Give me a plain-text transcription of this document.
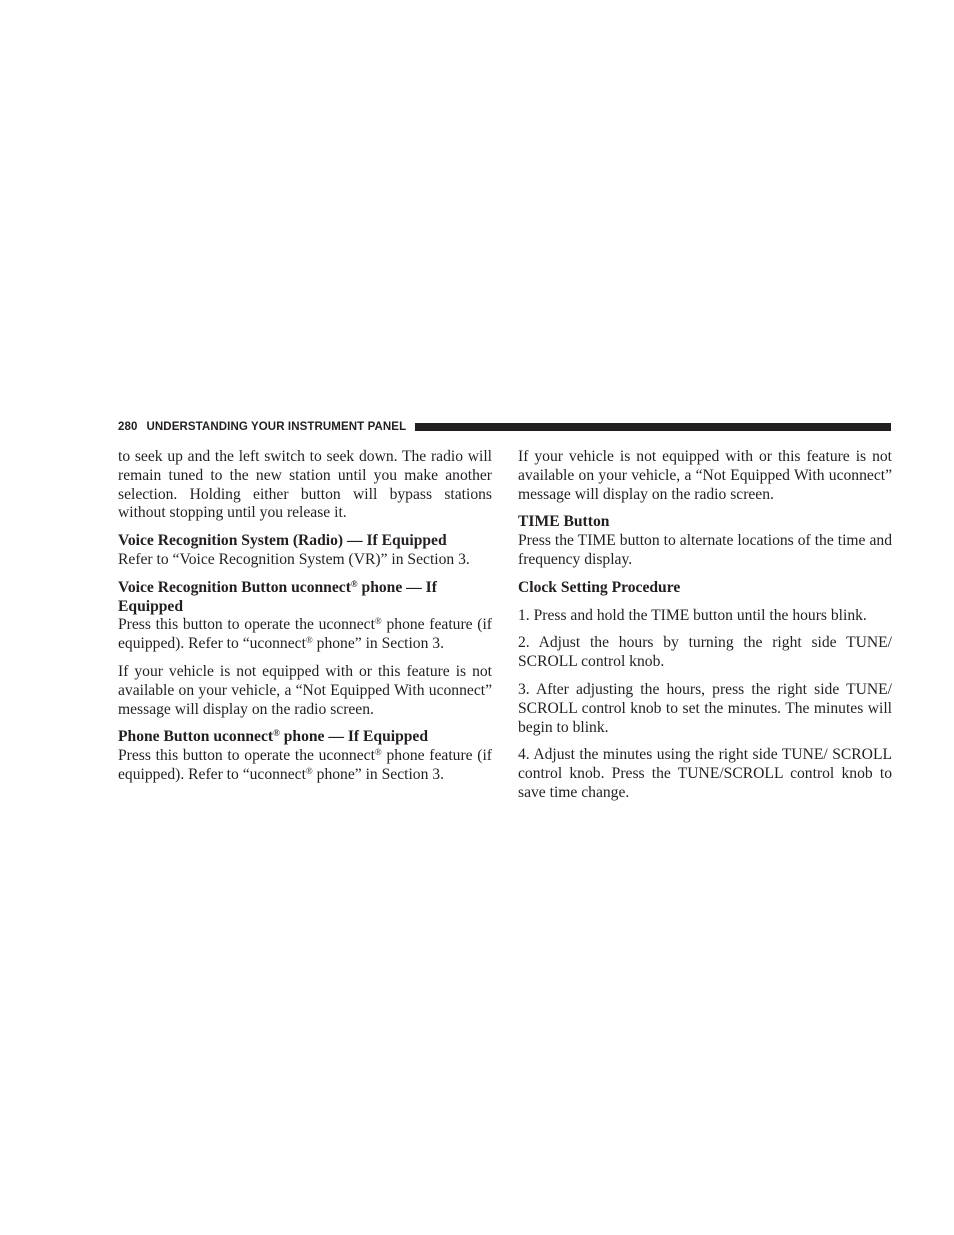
280 UNDERSTANDING YOUR INSTRUMENT PANEL

to seek up and the left switch to seek down. The radio will remain tuned to the new station until you make another selection. Holding either button will bypass stations without stopping until you release it.

Voice Recognition System (Radio) — If Equipped

Refer to “Voice Recognition System (VR)” in Section 3.

Voice Recognition Button uconnect® phone — If Equipped

Press this button to operate the uconnect® phone feature (if equipped). Refer to “uconnect® phone” in Section 3.

If your vehicle is not equipped with or this feature is not available on your vehicle, a “Not Equipped With uconnect” message will display on the radio screen.

Phone Button uconnect® phone — If Equipped

Press this button to operate the uconnect® phone feature (if equipped). Refer to “uconnect® phone” in Section 3.

If your vehicle is not equipped with or this feature is not available on your vehicle, a “Not Equipped With uconnect” message will display on the radio screen.

TIME Button

Press the TIME button to alternate locations of the time and frequency display.

Clock Setting Procedure

1. Press and hold the TIME button until the hours blink.

2. Adjust the hours by turning the right side TUNE/ SCROLL control knob.

3. After adjusting the hours, press the right side TUNE/ SCROLL control knob to set the minutes. The minutes will begin to blink.

4. Adjust the minutes using the right side TUNE/ SCROLL control knob. Press the TUNE/SCROLL control knob to save time change.
